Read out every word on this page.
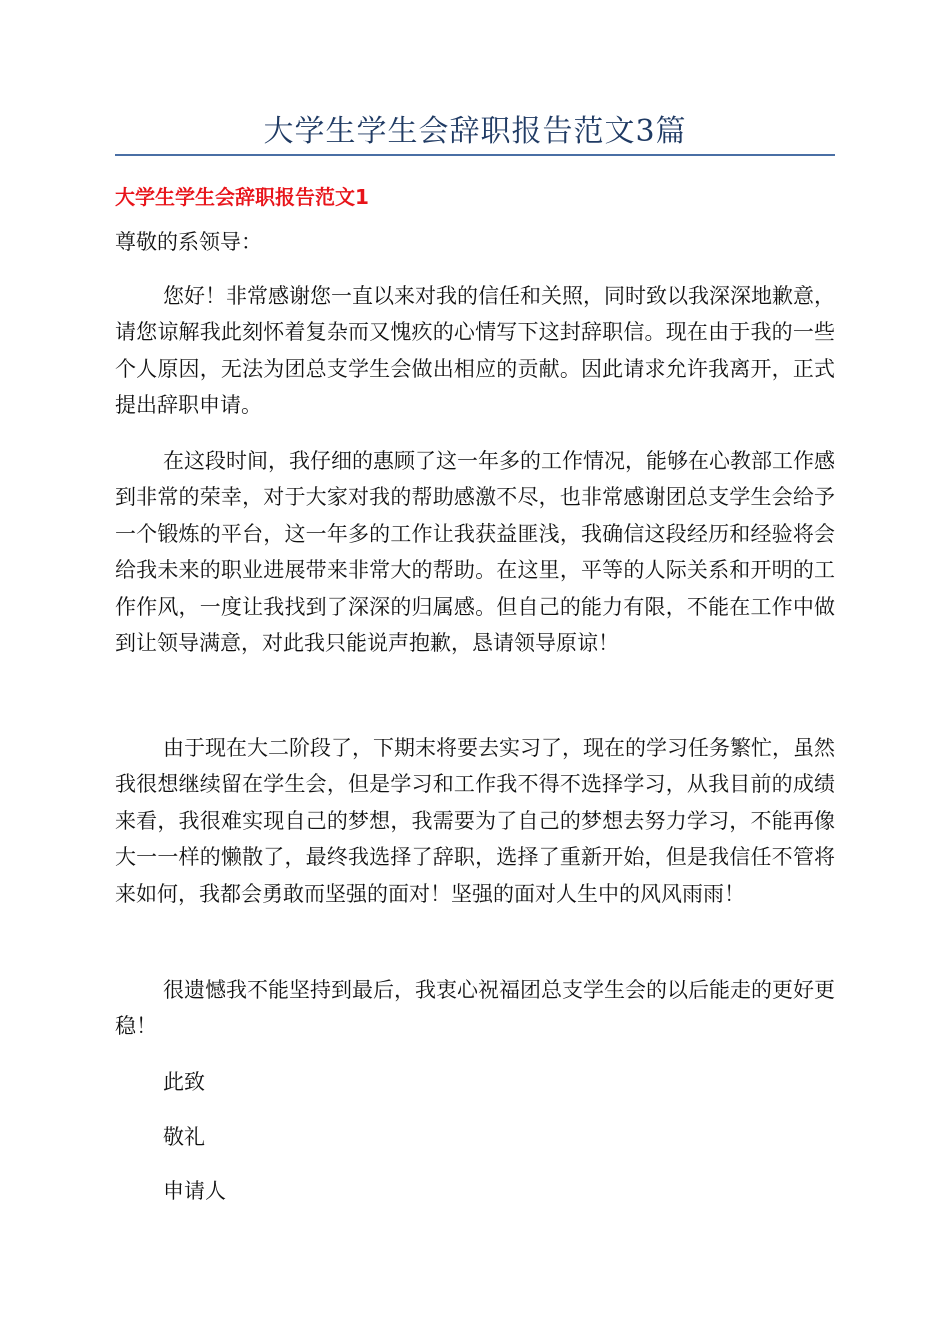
大学生学生会辞职报告范文3篇
大学生学生会辞职报告范文1

尊敬的系领导：

您好！非常感谢您一直以来对我的信任和关照，同时致以我深深地歉意，请您谅解我此刻怀着复杂而又愧疚的心情写下这封辞职信。现在由于我的一些个人原因，无法为团总支学生会做出相应的贡献。因此请求允许我离开，正式提出辞职申请。

在这段时间，我仔细的惠顾了这一年多的工作情况，能够在心教部工作感到非常的荣幸，对于大家对我的帮助感激不尽，也非常感谢团总支学生会给予一个锻炼的平台，这一年多的工作让我获益匪浅，我确信这段经历和经验将会给我未来的职业进展带来非常大的帮助。在这里，平等的人际关系和开明的工作作风，一度让我找到了深深的归属感。但自己的能力有限，不能在工作中做到让领导满意，对此我只能说声抱歉，恳请领导原谅！

由于现在大二阶段了，下期末将要去实习了，现在的学习任务繁忙，虽然我很想继续留在学生会，但是学习和工作我不得不选择学习，从我目前的成绩来看，我很难实现自己的梦想，我需要为了自己的梦想去努力学习，不能再像大一一样的懒散了，最终我选择了辞职，选择了重新开始，但是我信任不管将来如何，我都会勇敢而坚强的面对！坚强的面对人生中的风风雨雨！

很遗憾我不能坚持到最后，我衷心祝福团总支学生会的以后能走的更好更稳！

此致
敬礼
申请人
